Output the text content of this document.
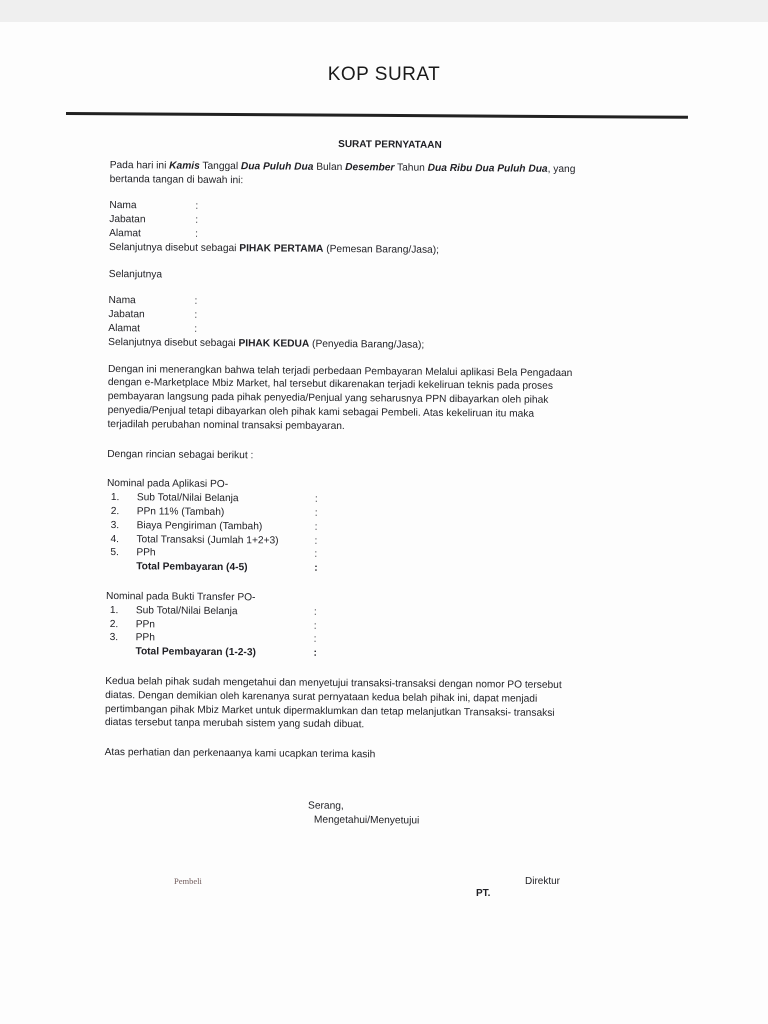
KOP SURAT
SURAT PERNYATAAN

Pada hari ini Kamis Tanggal Dua Puluh Dua Bulan Desember Tahun Dua Ribu Dua Puluh Dua, yang
bertanda tangan di bawah ini:

Nama	:
Jabatan	:
Alamat	:
Selanjutnya disebut sebagai PIHAK PERTAMA (Pemesan Barang/Jasa);
Selanjutnya
Nama	:
Jabatan	:
Alamat	:
Selanjutnya disebut sebagai PIHAK KEDUA (Penyedia Barang/Jasa);
Dengan ini menerangkan bahwa telah terjadi perbedaan Pembayaran Melalui aplikasi Bela Pengadaan
dengan e-Marketplace Mbiz Market, hal tersebut dikarenakan terjadi kekeliruan teknis pada proses
pembayaran langsung pada pihak penyedia/Penjual yang seharusnya PPN dibayarkan oleh pihak
penyedia/Penjual tetapi dibayarkan oleh pihak kami sebagai Pembeli. Atas kekeliruan itu maka
terjadilah perubahan nominal transaksi pembayaran.
Dengan rincian sebagai berikut :
Nominal pada Aplikasi PO-
1.	Sub Total/Nilai Belanja	:
2.	PPn 11% (Tambah)	:
3.	Biaya Pengiriman (Tambah)	:
4.	Total Transaksi (Jumlah 1+2+3)	:
5.	PPh	:
Total Pembayaran (4-5)	:
Nominal pada Bukti Transfer PO-
1.	Sub Total/Nilai Belanja	:
2.	PPn	:
3.	PPh	:
Total Pembayaran (1-2-3)	:
Kedua belah pihak sudah mengetahui dan menyetujui transaksi-transaksi dengan nomor PO tersebut
diatas. Dengan demikian oleh karenanya surat pernyataan kedua belah pihak ini, dapat menjadi
pertimbangan pihak Mbiz Market untuk dipermaklumkan dan tetap melanjutkan Transaksi- transaksi
diatas tersebut tanpa merubah sistem yang sudah dibuat.
Atas perhatian dan perkenaanya kami ucapkan terima kasih
Serang,
Mengetahui/Menyetujui
Pembeli	Direktur
PT.
